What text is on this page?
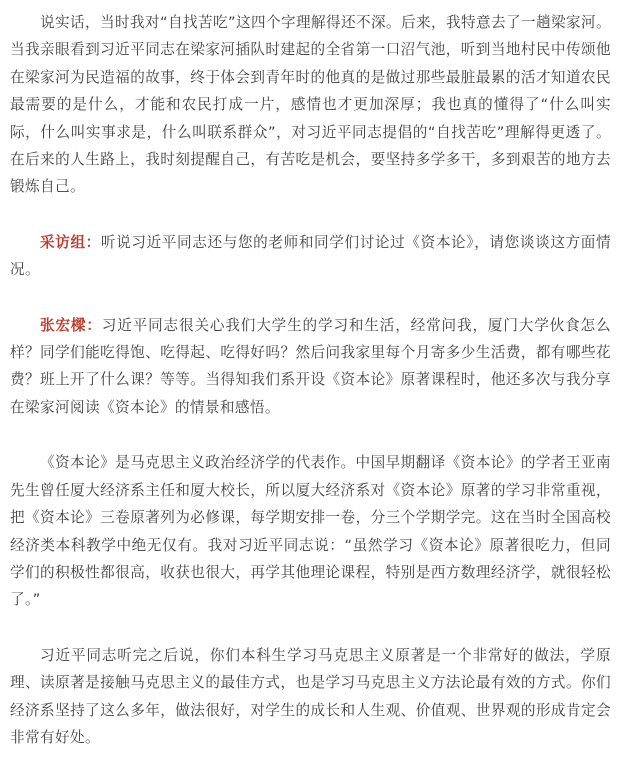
说实话，当时我对“自找苦吃”这四个字理解得还不深。后来，我特意去了一趟梁家河。当我亲眼看到习近平同志在梁家河插队时建起的全省第一口沼气池，听到当地村民中传颂他在梁家河为民造福的故事，终于体会到青年时的他真的是做过那些最脏最累的活才知道农民最需要的是什么，才能和农民打成一片，感情也才更加深厚；我也真的懂得了“什么叫实际，什么叫实事求是，什么叫联系群众”，对习近平同志提倡的“自找苦吃”理解得更透了。在后来的人生路上，我时刻提醒自己，有苦吃是机会，要坚持多学多干，多到艰苦的地方去锻炼自己。

采访组：听说习近平同志还与您的老师和同学们讨论过《资本论》，请您谈谈这方面情况。

张宏樑：习近平同志很关心我们大学生的学习和生活，经常问我，厦门大学伙食怎么样？同学们能吃得饱、吃得起、吃得好吗？然后问我家里每个月寄多少生活费，都有哪些花费？班上开了什么课？等等。当得知我们系开设《资本论》原著课程时，他还多次与我分享在梁家河阅读《资本论》的情景和感悟。

《资本论》是马克思主义政治经济学的代表作。中国早期翻译《资本论》的学者王亚南先生曾任厦大经济系主任和厦大校长，所以厦大经济系对《资本论》原著的学习非常重视，把《资本论》三卷原著列为必修课，每学期安排一卷，分三个学期学完。这在当时全国高校经济类本科教学中绝无仅有。我对习近平同志说：“虽然学习《资本论》原著很吃力，但同学们的积极性都很高，收获也很大，再学其他理论课程，特别是西方数理经济学，就很轻松了。”

习近平同志听完之后说，你们本科生学习马克思主义原著是一个非常好的做法，学原理、读原著是接触马克思主义的最佳方式，也是学习马克思主义方法论最有效的方式。你们经济系坚持了这么多年，做法很好，对学生的成长和人生观、价值观、世界观的形成肯定会非常有好处。
